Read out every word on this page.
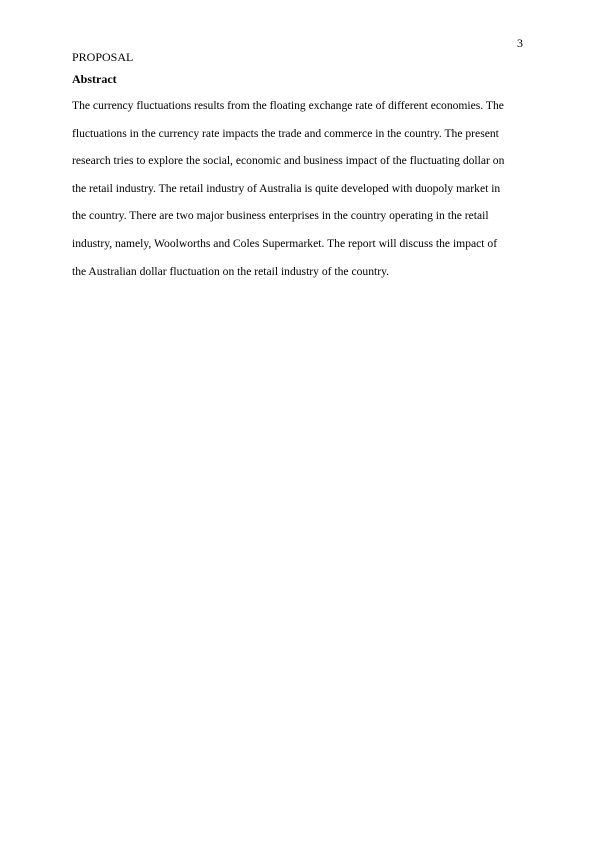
3
PROPOSAL
Abstract

The currency fluctuations results from the floating exchange rate of different economies. The
fluctuations in the currency rate impacts the trade and commerce in the country. The present
research tries to explore the social, economic and business impact of the fluctuating dollar on
the retail industry. The retail industry of Australia is quite developed with duopoly market in
the country. There are two major business enterprises in the country operating in the retail
industry, namely, Woolworths and Coles Supermarket. The report will discuss the impact of
the Australian dollar fluctuation on the retail industry of the country.
